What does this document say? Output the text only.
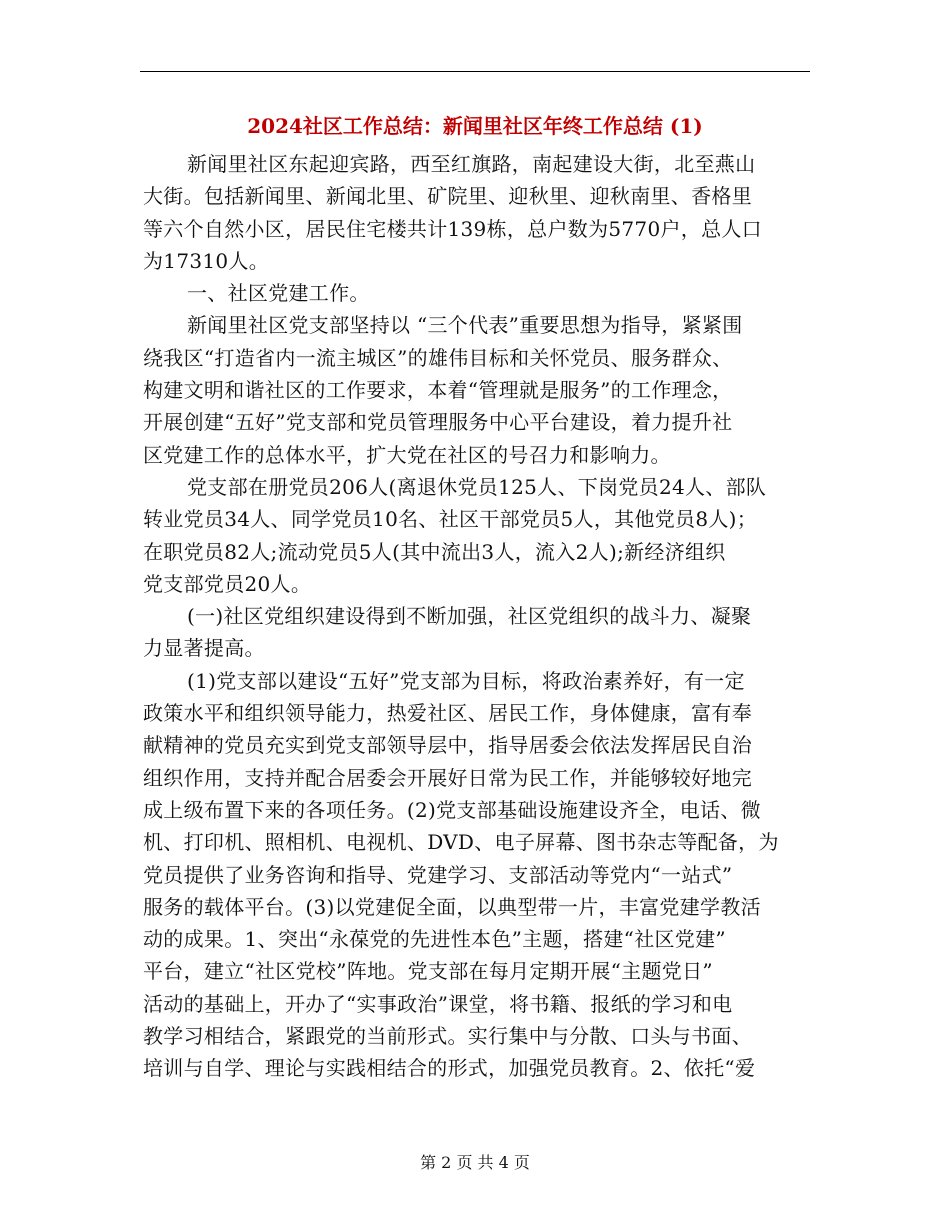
2024社区工作总结：新闻里社区年终工作总结 (1)
新闻里社区东起迎宾路，西至红旗路，南起建设大街，北至燕山
大街。包括新闻里、新闻北里、矿院里、迎秋里、迎秋南里、香格里
等六个自然小区，居民住宅楼共计139栋，总户数为5770户，总人口
为17310人。
一、社区党建工作。
新闻里社区党支部坚持以 “三个代表”重要思想为指导，紧紧围
绕我区“打造省内一流主城区”的雄伟目标和关怀党员、服务群众、
构建文明和谐社区的工作要求，本着“管理就是服务”的工作理念，
开展创建“五好”党支部和党员管理服务中心平台建设，着力提升社
区党建工作的总体水平，扩大党在社区的号召力和影响力。
党支部在册党员206人(离退休党员125人、下岗党员24人、部队
转业党员34人、同学党员10名、社区干部党员5人，其他党员8人)；
在职党员82人;流动党员5人(其中流出3人，流入2人);新经济组织
党支部党员20人。
(一)社区党组织建设得到不断加强，社区党组织的战斗力、凝聚
力显著提高。
(1)党支部以建设“五好”党支部为目标，将政治素养好，有一定
政策水平和组织领导能力，热爱社区、居民工作，身体健康，富有奉
献精神的党员充实到党支部领导层中，指导居委会依法发挥居民自治
组织作用，支持并配合居委会开展好日常为民工作，并能够较好地完
成上级布置下来的各项任务。(2)党支部基础设施建设齐全，电话、微
机、打印机、照相机、电视机、DVD、电子屏幕、图书杂志等配备，为
党员提供了业务咨询和指导、党建学习、支部活动等党内“一站式”
服务的载体平台。(3)以党建促全面，以典型带一片，丰富党建学教活
动的成果。1、突出“永葆党的先进性本色”主题，搭建“社区党建”
平台，建立“社区党校”阵地。党支部在每月定期开展“主题党日”
活动的基础上，开办了“实事政治”课堂，将书籍、报纸的学习和电
教学习相结合，紧跟党的当前形式。实行集中与分散、口头与书面、
培训与自学、理论与实践相结合的形式，加强党员教育。2、依托“爱
第 2 页 共 4 页
